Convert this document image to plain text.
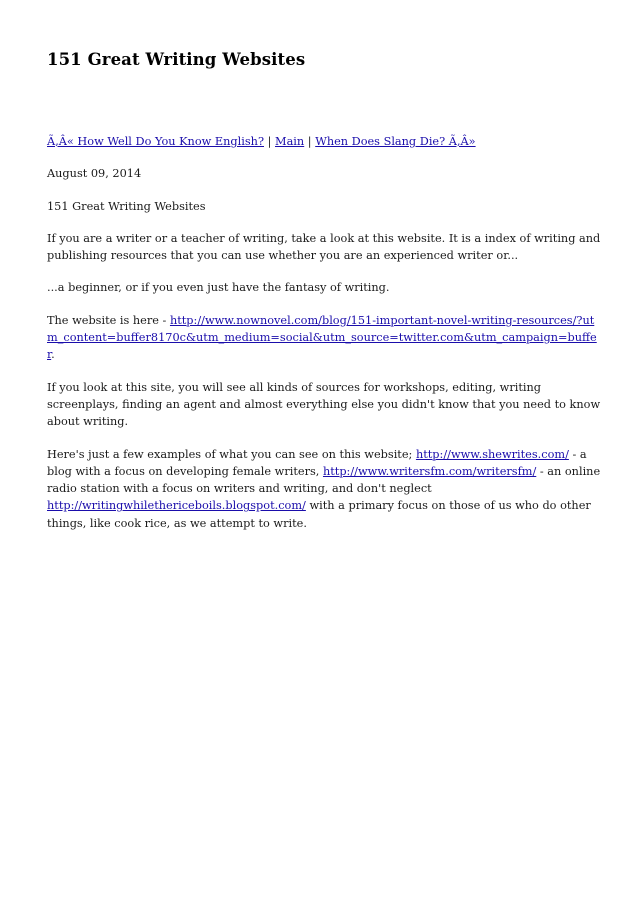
151 Great Writing Websites

Ã‚Â« How Well Do You Know English? | Main | When Does Slang Die? Ã‚Â»

August 09, 2014

151 Great Writing Websites

If you are a writer or a teacher of writing, take a look at this website. It is a index of writing and publishing resources that you can use whether you are an experienced writer or...

...a beginner, or if you even just have the fantasy of writing.

The website is here - http://www.nownovel.com/blog/151-important-novel-writing-resources/?utm_content=buffer8170c&utm_medium=social&utm_source=twitter.com&utm_campaign=buffer.

If you look at this site, you will see all kinds of sources for workshops, editing, writing screenplays, finding an agent and almost everything else you didn't know that you need to know about writing.

Here's just a few examples of what you can see on this website; http://www.shewrites.com/ - a blog with a focus on developing female writers, http://www.writersfm.com/writersfm/ - an online radio station with a focus on writers and writing, and don't neglect http://writingwhilethericeboils.blogspot.com/ with a primary focus on those of us who do other things, like cook rice, as we attempt to write.
